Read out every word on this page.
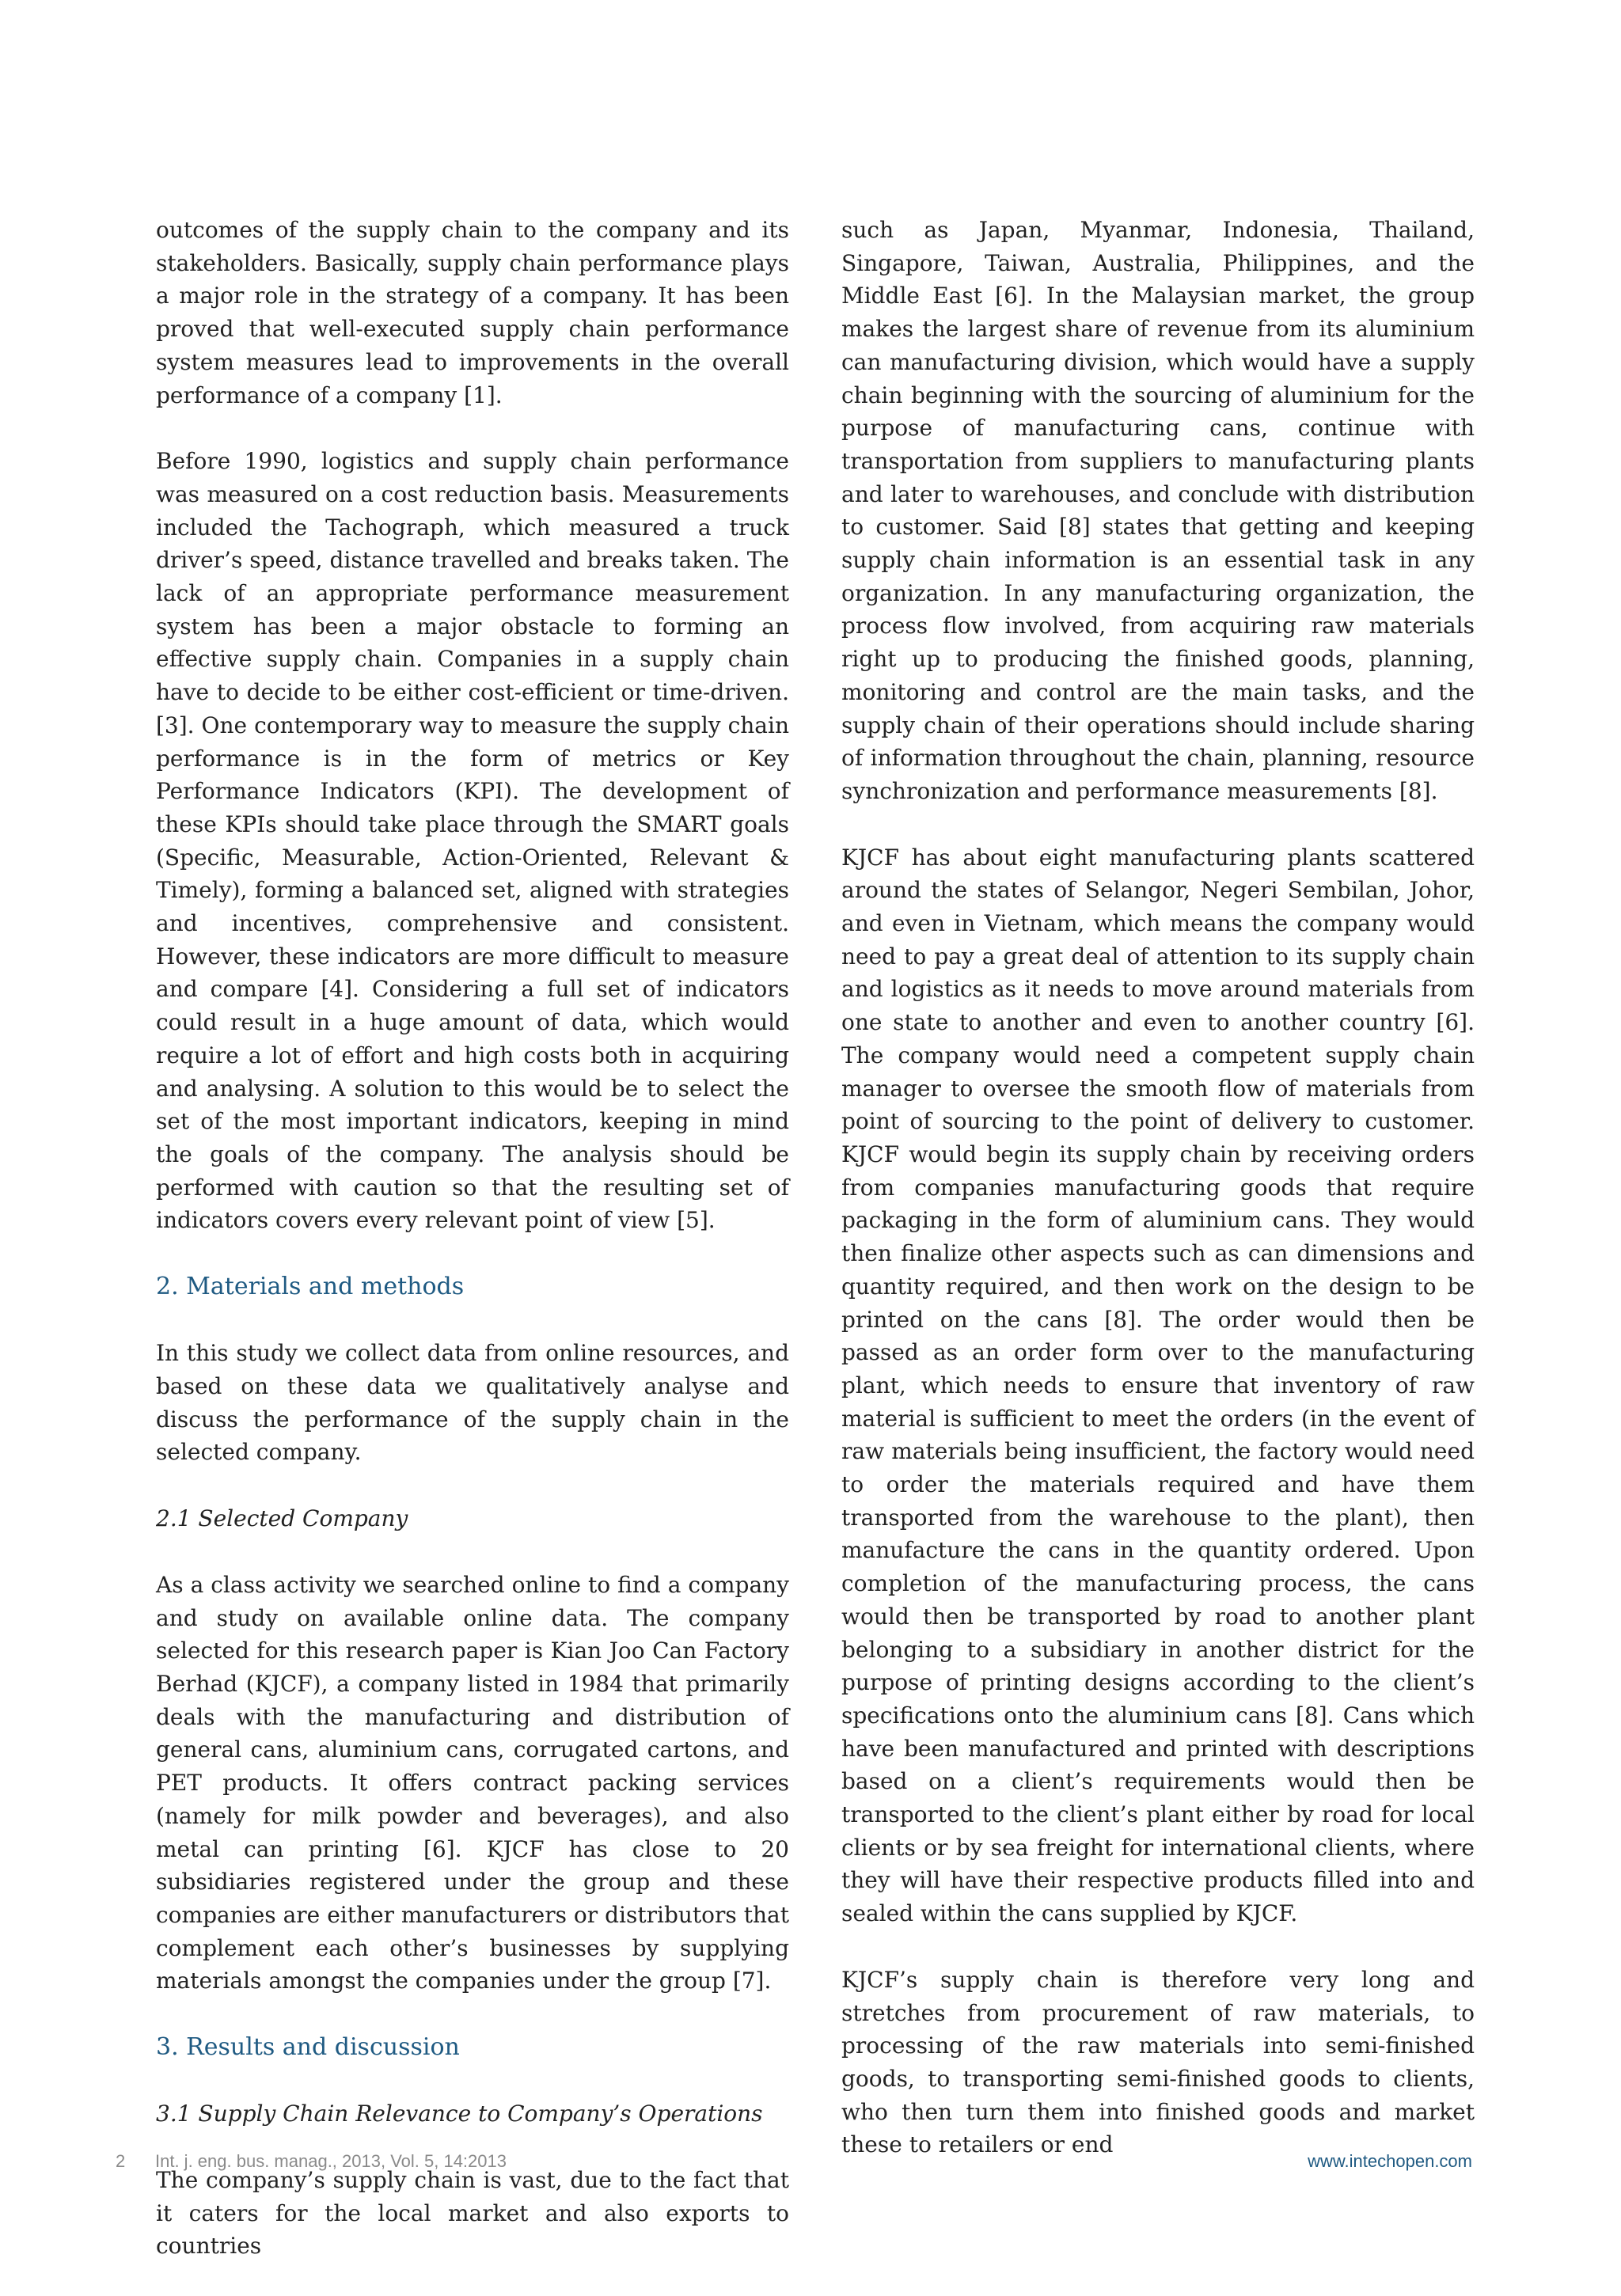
outcomes of the supply chain to the company and its stakeholders. Basically, supply chain performance plays a major role in the strategy of a company. It has been proved that well-executed supply chain performance system measures lead to improvements in the overall performance of a company [1].

Before 1990, logistics and supply chain performance was measured on a cost reduction basis. Measurements included the Tachograph, which measured a truck driver’s speed, distance travelled and breaks taken. The lack of an appropriate performance measurement system has been a major obstacle to forming an effective supply chain. Companies in a supply chain have to decide to be either cost-efficient or time-driven. [3]. One contemporary way to measure the supply chain performance is in the form of metrics or Key Performance Indicators (KPI). The development of these KPIs should take place through the SMART goals (Specific, Measurable, Action-Oriented, Relevant & Timely), forming a balanced set, aligned with strategies and incentives, comprehensive and consistent. However, these indicators are more difficult to measure and compare [4]. Considering a full set of indicators could result in a huge amount of data, which would require a lot of effort and high costs both in acquiring and analysing. A solution to this would be to select the set of the most important indicators, keeping in mind the goals of the company. The analysis should be performed with caution so that the resulting set of indicators covers every relevant point of view [5].

2. Materials and methods

In this study we collect data from online resources, and based on these data we qualitatively analyse and discuss the performance of the supply chain in the selected company.

2.1 Selected Company

As a class activity we searched online to find a company and study on available online data. The company selected for this research paper is Kian Joo Can Factory Berhad (KJCF), a company listed in 1984 that primarily deals with the manufacturing and distribution of general cans, aluminium cans, corrugated cartons, and PET products. It offers contract packing services (namely for milk powder and beverages), and also metal can printing [6]. KJCF has close to 20 subsidiaries registered under the group and these companies are either manufacturers or distributors that complement each other’s businesses by supplying materials amongst the companies under the group [7].

3. Results and discussion
3.1 Supply Chain Relevance to Company’s Operations

The company’s supply chain is vast, due to the fact that it caters for the local market and also exports to countries

such as Japan, Myanmar, Indonesia, Thailand, Singapore, Taiwan, Australia, Philippines, and the Middle East [6]. In the Malaysian market, the group makes the largest share of revenue from its aluminium can manufacturing division, which would have a supply chain beginning with the sourcing of aluminium for the purpose of manufacturing cans, continue with transportation from suppliers to manufacturing plants and later to warehouses, and conclude with distribution to customer. Said [8] states that getting and keeping supply chain information is an essential task in any organization. In any manufacturing organization, the process flow involved, from acquiring raw materials right up to producing the finished goods, planning, monitoring and control are the main tasks, and the supply chain of their operations should include sharing of information throughout the chain, planning, resource synchronization and performance measurements [8].

KJCF has about eight manufacturing plants scattered around the states of Selangor, Negeri Sembilan, Johor, and even in Vietnam, which means the company would need to pay a great deal of attention to its supply chain and logistics as it needs to move around materials from one state to another and even to another country [6]. The company would need a competent supply chain manager to oversee the smooth flow of materials from point of sourcing to the point of delivery to customer. KJCF would begin its supply chain by receiving orders from companies manufacturing goods that require packaging in the form of aluminium cans. They would then finalize other aspects such as can dimensions and quantity required, and then work on the design to be printed on the cans [8]. The order would then be passed as an order form over to the manufacturing plant, which needs to ensure that inventory of raw material is sufficient to meet the orders (in the event of raw materials being insufficient, the factory would need to order the materials required and have them transported from the warehouse to the plant), then manufacture the cans in the quantity ordered. Upon completion of the manufacturing process, the cans would then be transported by road to another plant belonging to a subsidiary in another district for the purpose of printing designs according to the client’s specifications onto the aluminium cans [8]. Cans which have been manufactured and printed with descriptions based on a client’s requirements would then be transported to the client’s plant either by road for local clients or by sea freight for international clients, where they will have their respective products filled into and sealed within the cans supplied by KJCF.

KJCF’s supply chain is therefore very long and stretches from procurement of raw materials, to processing of the raw materials into semi-finished goods, to transporting semi-finished goods to clients, who then turn them into finished goods and market these to retailers or end

2 Int. j. eng. bus. manag., 2013, Vol. 5, 14:2013	www.intechopen.com
